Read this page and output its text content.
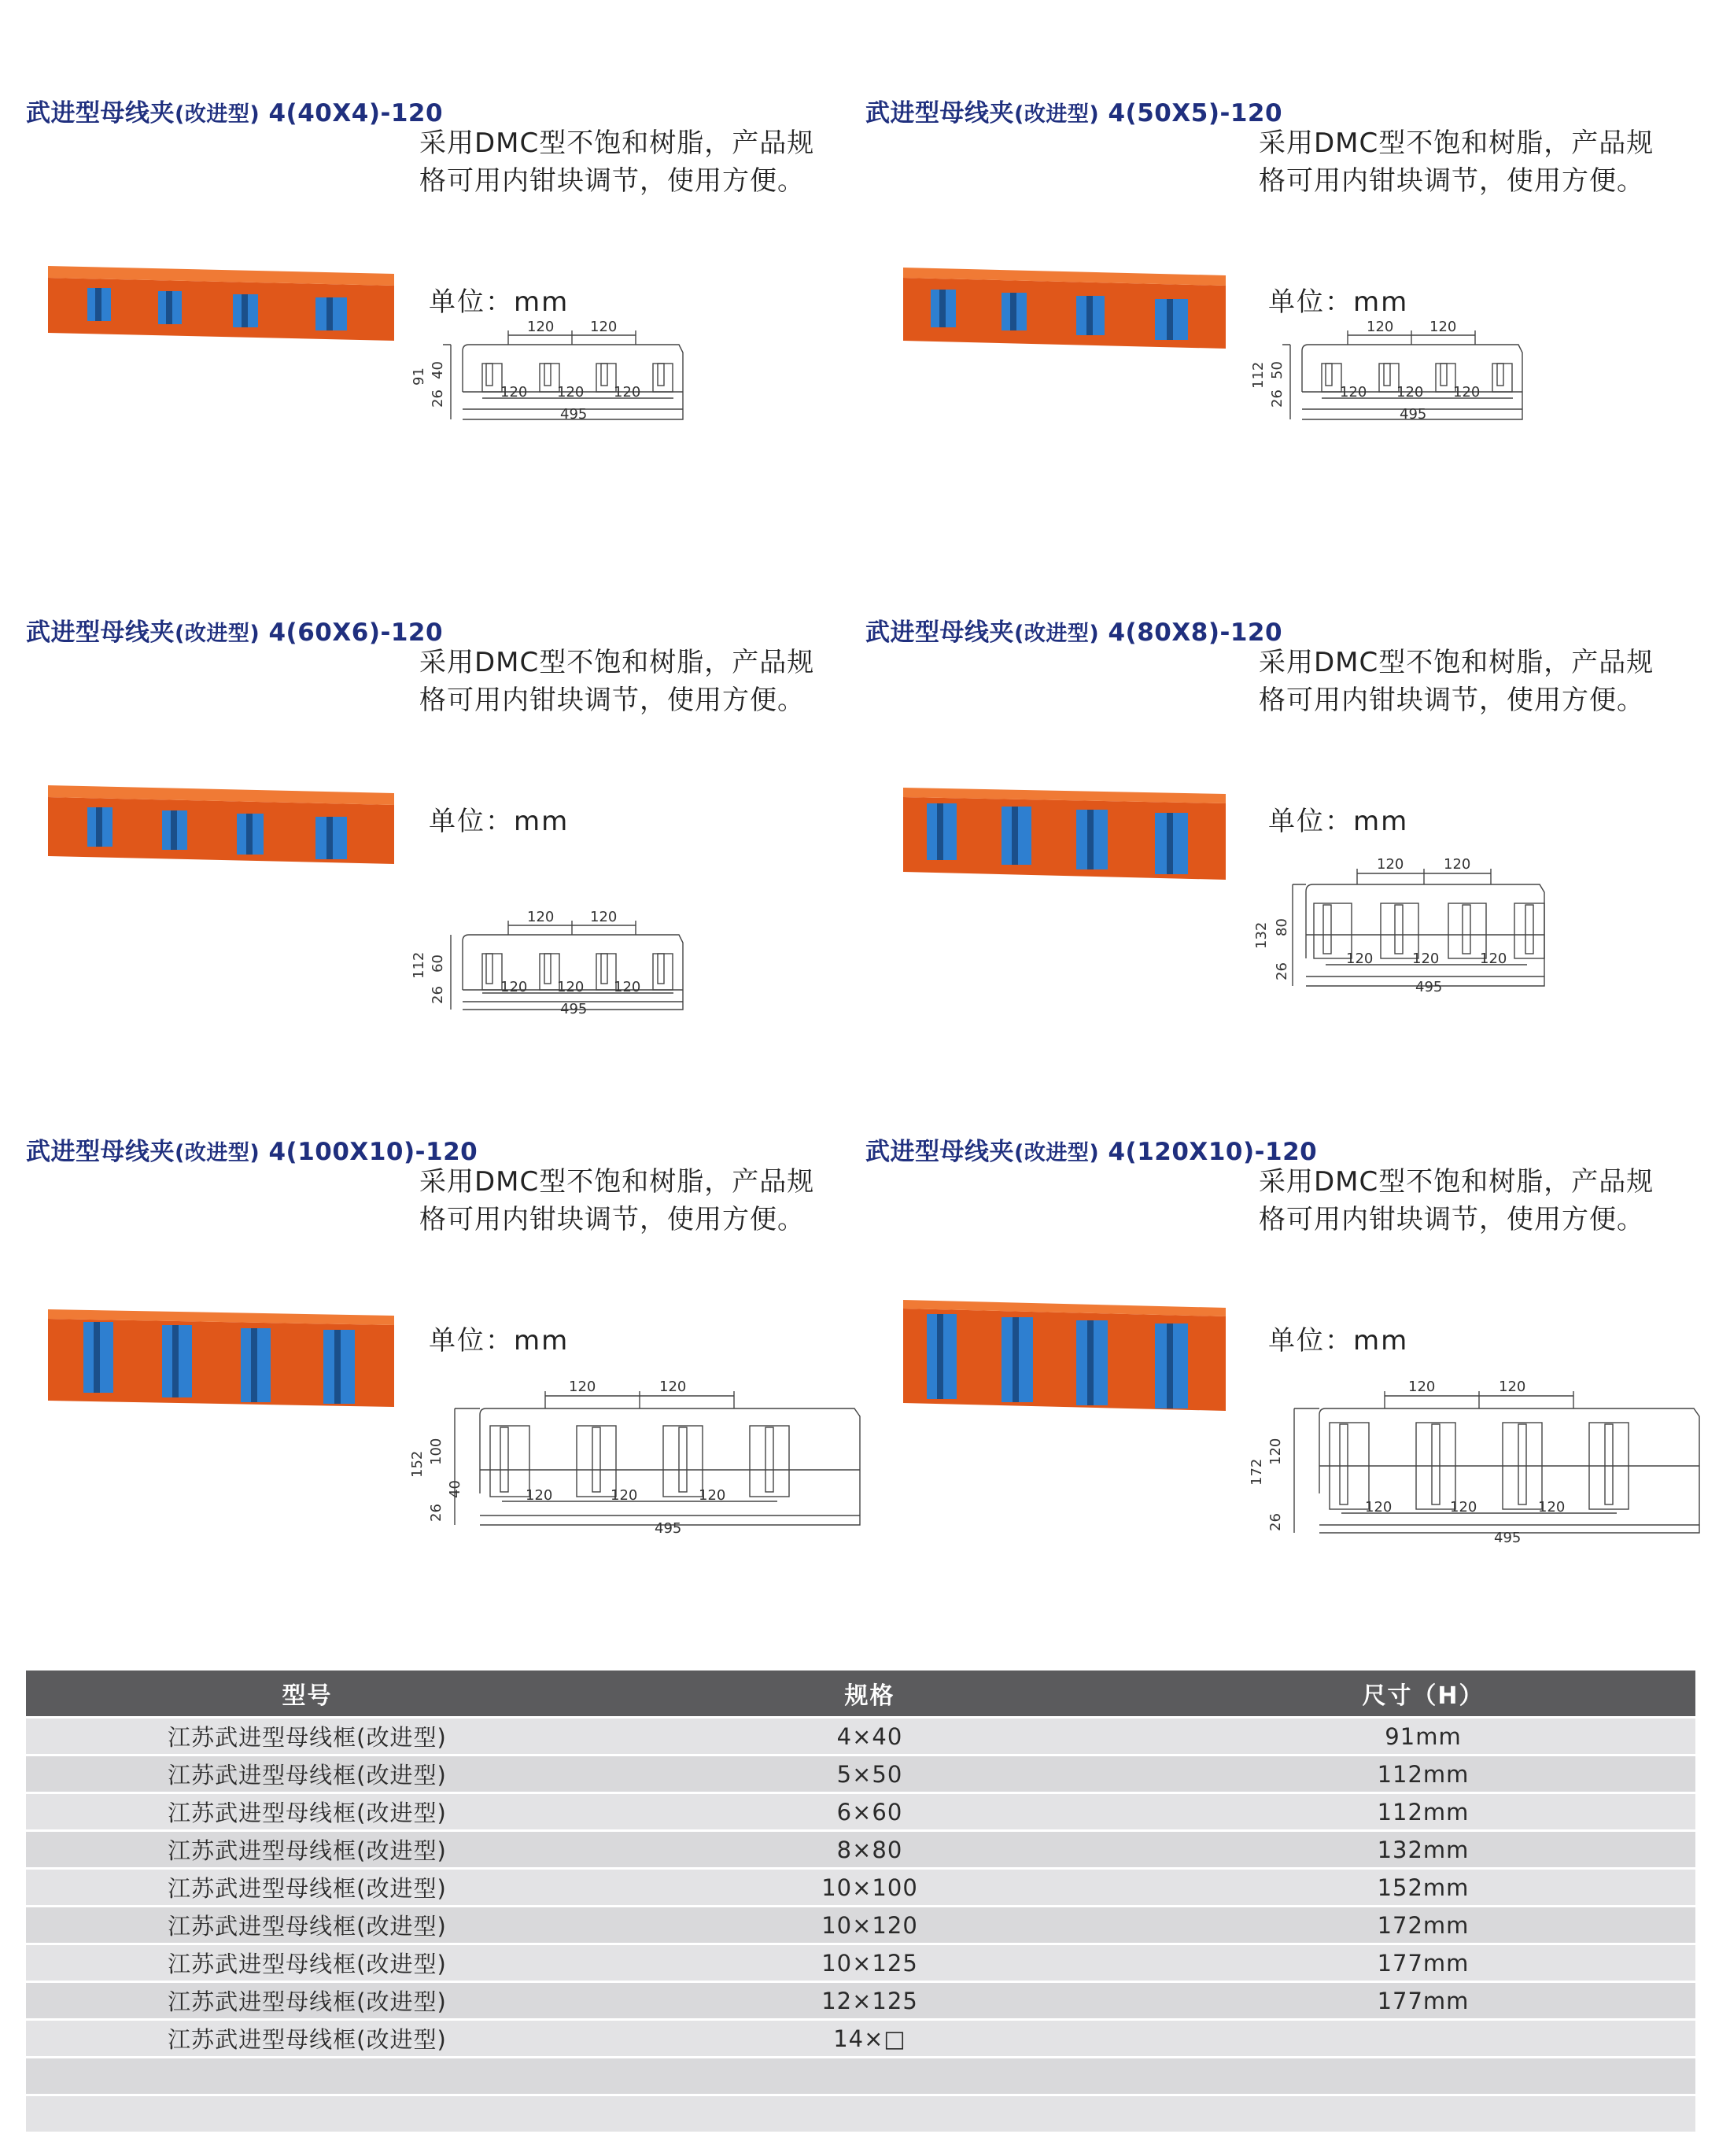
武进型母线夹(改进型) 4(40X4)-120
采用DMC型不饱和树脂，产品规
格可用内钳块调节，使用方便。
单位：mm
120	120
120 120 120
495
91 40
26
武进型母线夹(改进型) 4(50X5)-120
采用DMC型不饱和树脂，产品规
格可用内钳块调节，使用方便。
单位：mm
120	120
120 120 120
495
112 50
26
武进型母线夹(改进型) 4(60X6)-120
采用DMC型不饱和树脂，产品规
格可用内钳块调节，使用方便。
单位：mm
120	120
120 120 120
495
112 60
26
武进型母线夹(改进型) 4(80X8)-120
采用DMC型不饱和树脂，产品规
格可用内钳块调节，使用方便。
单位：mm
120	120
120	120	120
495
132 80
26
武进型母线夹(改进型) 4(100X10)-120
采用DMC型不饱和树脂，产品规
格可用内钳块调节，使用方便。
单位：mm
120	120
120	120	120
495
152 100
40
26
武进型母线夹(改进型) 4(120X10)-120
采用DMC型不饱和树脂，产品规
格可用内钳块调节，使用方便。
单位：mm
120	120
120	120	120
495
172
120
26
型号	规格	尺寸（H）
江苏武进型母线框(改进型)	4×40	91mm
江苏武进型母线框(改进型)	5×50	112mm
江苏武进型母线框(改进型)	6×60	112mm
江苏武进型母线框(改进型)	8×80	132mm
江苏武进型母线框(改进型)	10×100	152mm
江苏武进型母线框(改进型)	10×120	172mm
江苏武进型母线框(改进型)	10×125	177mm
江苏武进型母线框(改进型)	12×125	177mm
江苏武进型母线框(改进型)	14×□	
